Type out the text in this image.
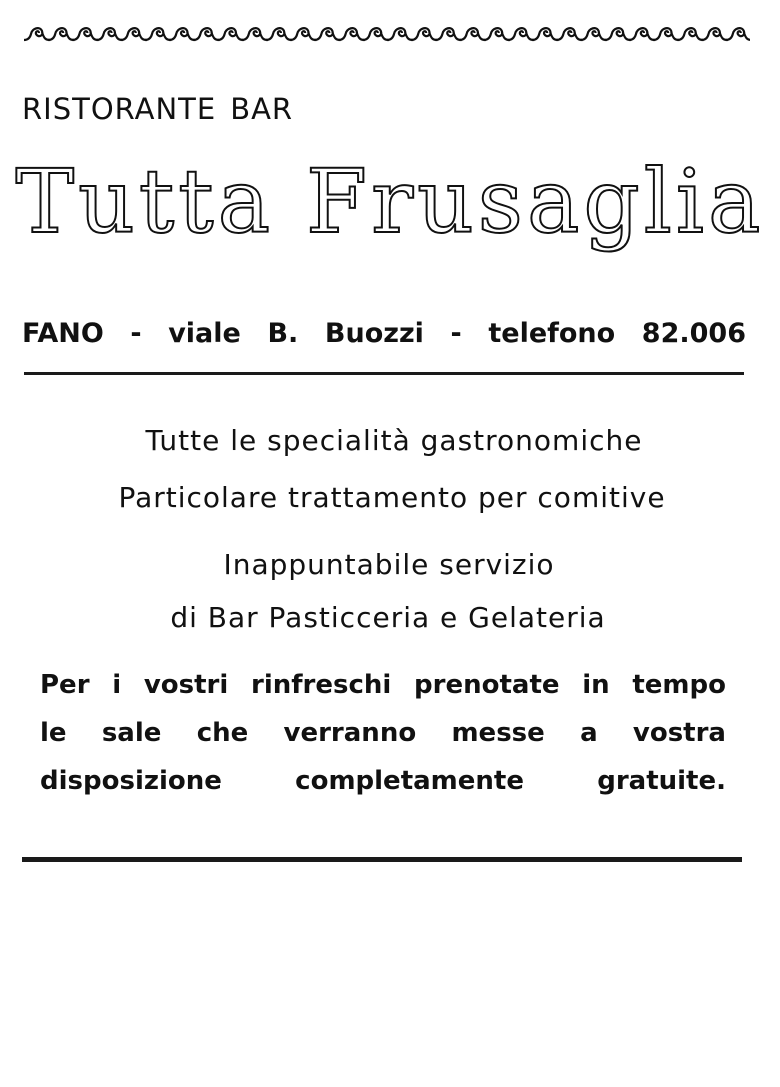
RISTORANTE BAR
Tutta Frusaglia
FANO - viale B. Buozzi - telefono 82.006
Tutte le specialità gastronomiche
Particolare trattamento per comitive
Inappuntabile servizio
di Bar Pasticceria e Gelateria
Per i vostri rinfreschi prenotate in tempo
le sale che verranno messe a vostra
disposizione	completamente	gratuite.
